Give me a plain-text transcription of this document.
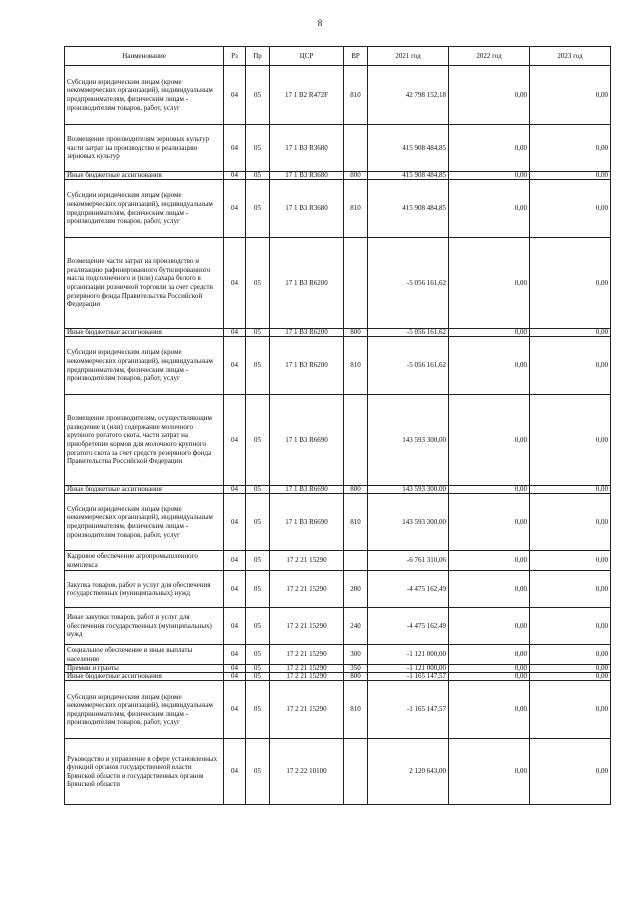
8
Наименование	Рз	Пр	ЦСР	ВР	2021 год	2022 год	2023 год
Субсидии юридическим лицам (кроме некоммерческих организаций), индивидуальным предпринимателям, физическим лицам - производителям товаров, работ, услуг	04	05	17 1 В2 R472F	810	42 798 152,18	0,00	0,00
Возмещение производителям зерновых культур части затрат на производство и реализацию зерновых культур	04	05	17 1 В3 R3680		415 908 484,85	0,00	0,00
Иные бюджетные ассигнования	04	05	17 1 В3 R3680	800	415 908 484,85	0,00	0,00
Субсидии юридическим лицам (кроме некоммерческих организаций), индивидуальным предпринимателям, физическим лицам - производителям товаров, работ, услуг	04	05	17 1 В3 R3680	810	415 908 484,85	0,00	0,00
Возмещение части затрат на производство и реализацию рафинированного бутилированного масла подсолнечного и (или) сахара белого в организации розничной торговли за счет средств резервного фонда Правительства Российской Федерации	04	05	17 1 В3 R6200		-5 056 161,62	0,00	0,00
Иные бюджетные ассигнования	04	05	17 1 В3 R6200	800	-5 056 161,62	0,00	0,00
Субсидии юридическим лицам (кроме некоммерческих организаций), индивидуальным предпринимателям, физическим лицам - производителям товаров, работ, услуг	04	05	17 1 В3 R6200	810	-5 056 161,62	0,00	0,00
Возмещение производителям, осуществляющим разведение и (или) содержание молочного крупного рогатого скота, части затрат на приобретение кормов для молочного крупного рогатого скота за счет средств резервного фонда Правительства Российской Федерации	04	05	17 1 В3 R6690		143 593 300,00	0,00	0,00
Иные бюджетные ассигнования	04	05	17 1 В3 R6690	800	143 593 300,00	0,00	0,00
Субсидии юридическим лицам (кроме некоммерческих организаций), индивидуальным предпринимателям, физическим лицам - производителям товаров, работ, услуг	04	05	17 1 В3 R6690	810	143 593 300,00	0,00	0,00
Кадровое обеспечение агропромышленного комплекса	04	05	17 2 21 15290		-6 761 310,06	0,00	0,00
Закупка товаров, работ и услуг для обеспечения государственных (муниципальных) нужд	04	05	17 2 21 15290	200	-4 475 162,49	0,00	0,00
Иные закупки товаров, работ и услуг для обеспечения государственных (муниципальных) нужд	04	05	17 2 21 15290	240	-4 475 162,49	0,00	0,00
Социальное обеспечение и иные выплаты населению	04	05	17 2 21 15290	300	-1 121 000,00	0,00	0,00
Премии и гранты	04	05	17 2 21 15290	350	-1 121 000,00	0,00	0,00
Иные бюджетные ассигнования	04	05	17 2 21 15290	800	-1 165 147,57	0,00	0,00
Субсидии юридическим лицам (кроме некоммерческих организаций), индивидуальным предпринимателям, физическим лицам - производителям товаров, работ, услуг	04	05	17 2 21 15290	810	-1 165 147,57	0,00	0,00
Руководство и управление в сфере установленных функций органов государственной власти Брянской области и государственных органов Брянской области	04	05	17 2 22 10100		2 120 643,00	0,00	0,00
